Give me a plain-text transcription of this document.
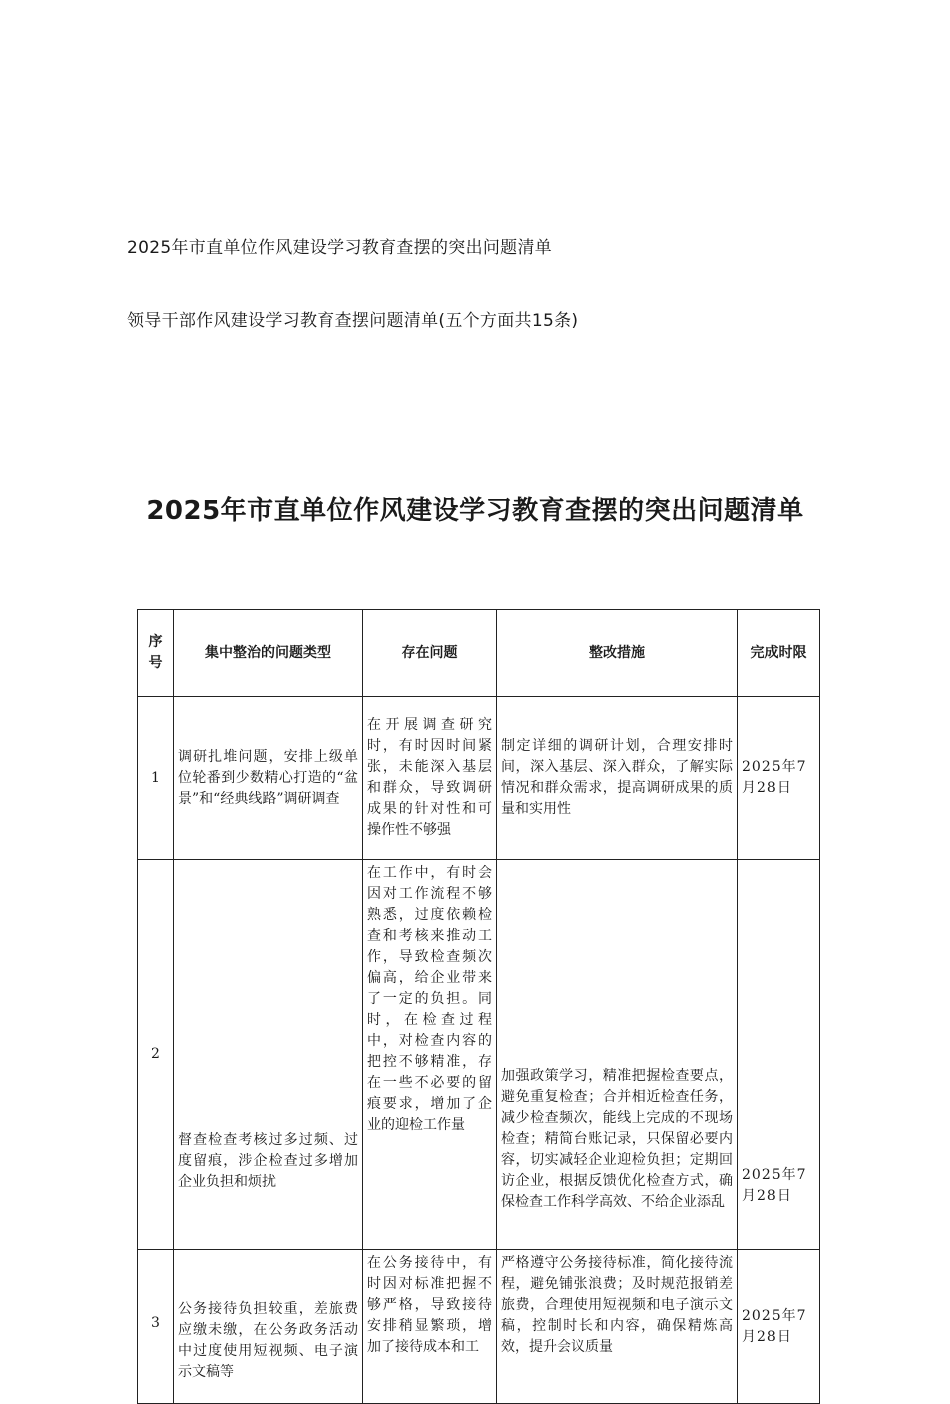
2025年市直单位作风建设学习教育查摆的突出问题清单
领导干部作风建设学习教育查摆问题清单(五个方面共15条)
2025年市直单位作风建设学习教育查摆的突出问题清单
序号	集中整治的问题类型	存在问题	整改措施	完成时限
1	调研扎堆问题，安排上级单位轮番到少数精心打造的“盆景”和“经典线路”调研调查	在开展调查研究时，有时因时间紧张，未能深入基层和群众，导致调研成果的针对性和可操作性不够强	制定详细的调研计划，合理安排时间，深入基层、深入群众，了解实际情况和群众需求，提高调研成果的质量和实用性	2025年7月28日
2	督查检查考核过多过频、过度留痕，涉企检查过多增加企业负担和烦扰	在工作中，有时会因对工作流程不够熟悉，过度依赖检查和考核来推动工作，导致检查频次偏高，给企业带来了一定的负担。同时，在检查过程中，对检查内容的把控不够精准，存在一些不必要的留痕要求，增加了企业的迎检工作量	加强政策学习，精准把握检查要点，避免重复检查；合并相近检查任务，减少检查频次，能线上完成的不现场检查；精简台账记录，只保留必要内容，切实减轻企业迎检负担；定期回访企业，根据反馈优化检查方式，确保检查工作科学高效、不给企业添乱	2025年7月28日
3	公务接待负担较重，差旅费应缴未缴，在公务政务活动中过度使用短视频、电子演示文稿等	在公务接待中，有时因对标准把握不够严格，导致接待安排稍显繁琐，增加了接待成本和工	严格遵守公务接待标准，简化接待流程，避免铺张浪费；及时规范报销差旅费，合理使用短视频和电子演示文稿，控制时长和内容，确保精炼高效，提升会议质量	2025年7月28日
